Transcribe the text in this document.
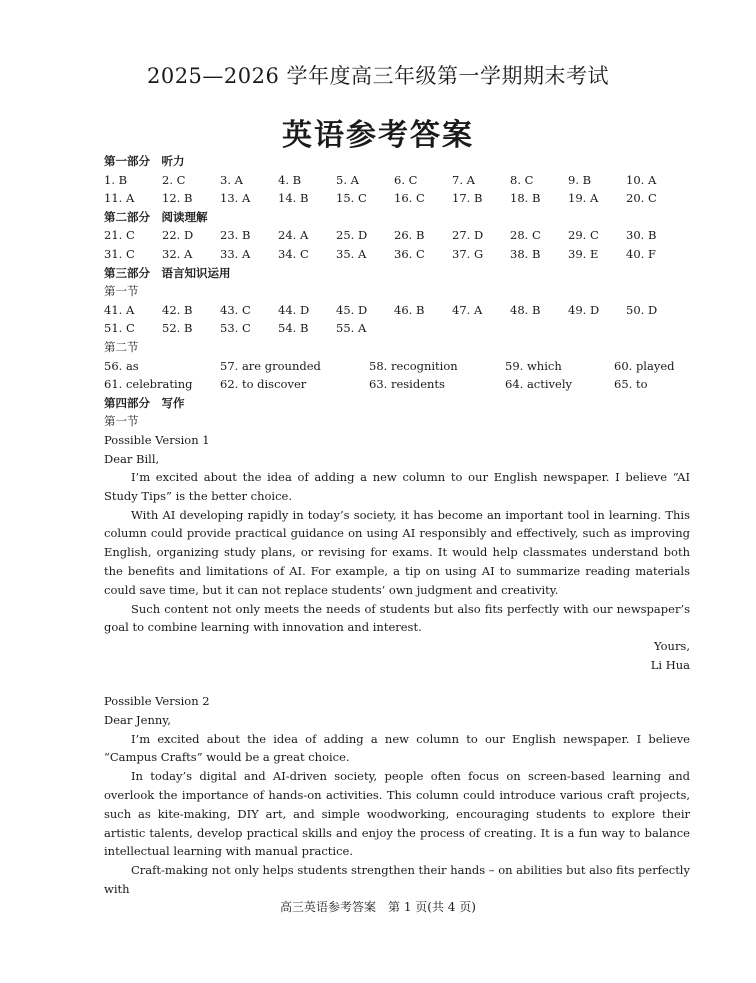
2025—2026 学年度高三年级第一学期期末考试
英语参考答案
第一部分　听力
1. B	2. C	3. A	4. B	5. A	6. C	7. A	8. C	9. B	10. A
11. A	12. B	13. A	14. B	15. C	16. C	17. B	18. B	19. A	20. C
第二部分　阅读理解
21. C	22. D	23. B	24. A	25. D	26. B	27. D	28. C	29. C	30. B
31. C	32. A	33. A	34. C	35. A	36. C	37. G	38. B	39. E	40. F
第三部分　语言知识运用
第一节
41. A	42. B	43. C	44. D	45. D	46. B	47. A	48. B	49. D	50. D
51. C	52. B	53. C	54. B	55. A
第二节
56. as	57. are grounded	58. recognition	59. which	60. played
61. celebrating 62. to discover	63. residents	64. actively	65. to
第四部分　写作
第一节
Possible Version 1
Dear Bill,

I’m excited about the idea of adding a new column to our English newspaper. I believe “AI Study Tips” is the better choice.

With AI developing rapidly in today’s society, it has become an important tool in learning. This column could provide practical guidance on using AI responsibly and effectively, such as improving English, organizing study plans, or revising for exams. It would help classmates understand both the benefits and limitations of AI. For example, a tip on using AI to summarize reading materials could save time, but it can not replace students’ own judgment and creativity.

Such content not only meets the needs of students but also fits perfectly with our newspaper’s goal to combine learning with innovation and interest.

Yours,
Li Hua
Possible Version 2
Dear Jenny,

I’m excited about the idea of adding a new column to our English newspaper. I believe “Campus Crafts” would be a great choice.

In today’s digital and AI-driven society, people often focus on screen-based learning and overlook the importance of hands-on activities. This column could introduce various craft projects, such as kite-making, DIY art, and simple woodworking, encouraging students to explore their artistic talents, develop practical skills and enjoy the process of creating. It is a fun way to balance intellectual learning with manual practice.

Craft-making not only helps students strengthen their hands – on abilities but also fits perfectly with

高三英语参考答案　第 1 页(共 4 页)
